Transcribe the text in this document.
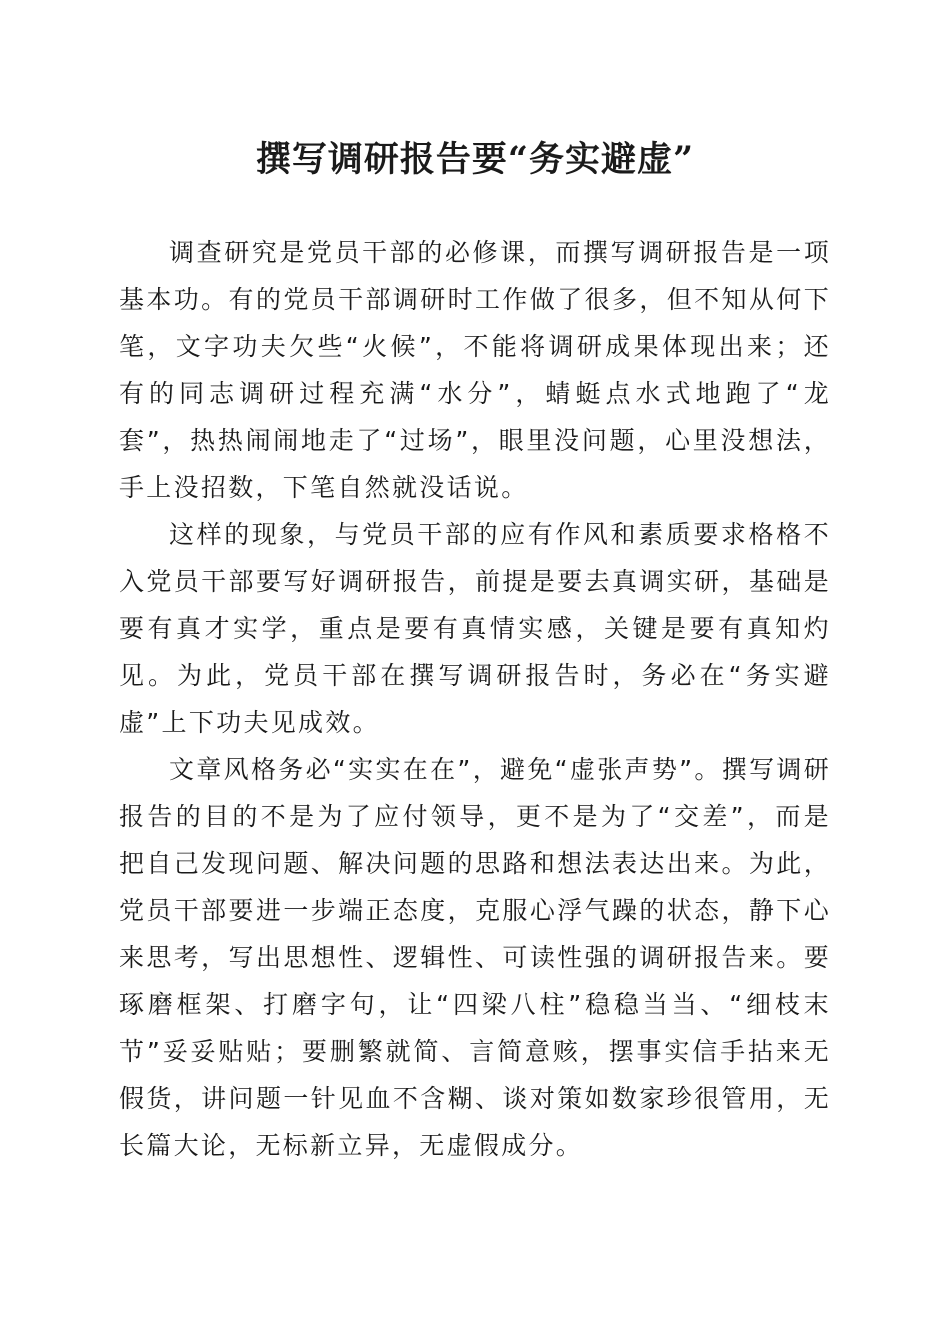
撰写调研报告要“务实避虚”

调查研究是党员干部的必修课，而撰写调研报告是一项基本功。有的党员干部调研时工作做了很多，但不知从何下笔，文字功夫欠些“火候”，不能将调研成果体现出来；还有的同志调研过程充满“水分”，蜻蜓点水式地跑了“龙套”，热热闹闹地走了“过场”，眼里没问题，心里没想法，手上没招数，下笔自然就没话说。

这样的现象，与党员干部的应有作风和素质要求格格不入党员干部要写好调研报告，前提是要去真调实研，基础是要有真才实学，重点是要有真情实感，关键是要有真知灼见。为此，党员干部在撰写调研报告时，务必在“务实避虚”上下功夫见成效。

文章风格务必“实实在在”，避免“虚张声势”。撰写调研报告的目的不是为了应付领导，更不是为了“交差”，而是把自己发现问题、解决问题的思路和想法表达出来。为此，党员干部要进一步端正态度，克服心浮气躁的状态，静下心来思考，写出思想性、逻辑性、可读性强的调研报告来。要琢磨框架、打磨字句，让“四梁八柱”稳稳当当、“细枝末节”妥妥贴贴；要删繁就简、言简意赅，摆事实信手拈来无假货，讲问题一针见血不含糊、谈对策如数家珍很管用，无长篇大论，无标新立异，无虚假成分。
